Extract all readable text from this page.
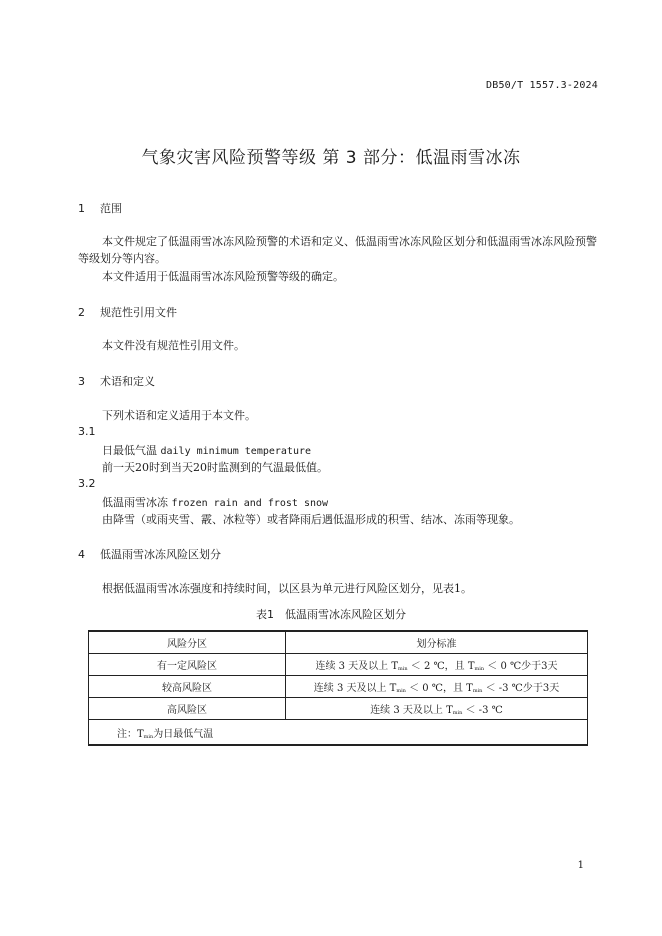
DB50/T 1557.3-2024
气象灾害风险预警等级 第 3 部分：低温雨雪冰冻
1 范围
本文件规定了低温雨雪冰冻风险预警的术语和定义、低温雨雪冰冻风险区划分和低温雨雪冰冻风险预警等级划分等内容。
本文件适用于低温雨雪冰冻风险预警等级的确定。
2 规范性引用文件
本文件没有规范性引用文件。
3 术语和定义
下列术语和定义适用于本文件。
3.1
日最低气温 daily minimum temperature
前一天20时到当天20时监测到的气温最低值。
3.2
低温雨雪冰冻 frozen rain and frost snow
由降雪（或雨夹雪、霰、冰粒等）或者降雨后遇低温形成的积雪、结冰、冻雨等现象。
4 低温雨雪冰冻风险区划分
根据低温雨雪冰冻强度和持续时间，以区县为单元进行风险区划分，见表1。
表1　低温雨雪冰冻风险区划分
风险分区	划分标准
有一定风险区	连续 3 天及以上 $T_{min} < 2$ ℃，且 $T_{min} < 0$ ℃少于3天
较高风险区	连续 3 天及以上 $T_{min} < 0$ ℃，且 $T_{min} < -3$ ℃少于3天
高风险区	连续 3 天及以上 $T_{min} < -3$ ℃
注：$T_{min}$为日最低气温	
1
